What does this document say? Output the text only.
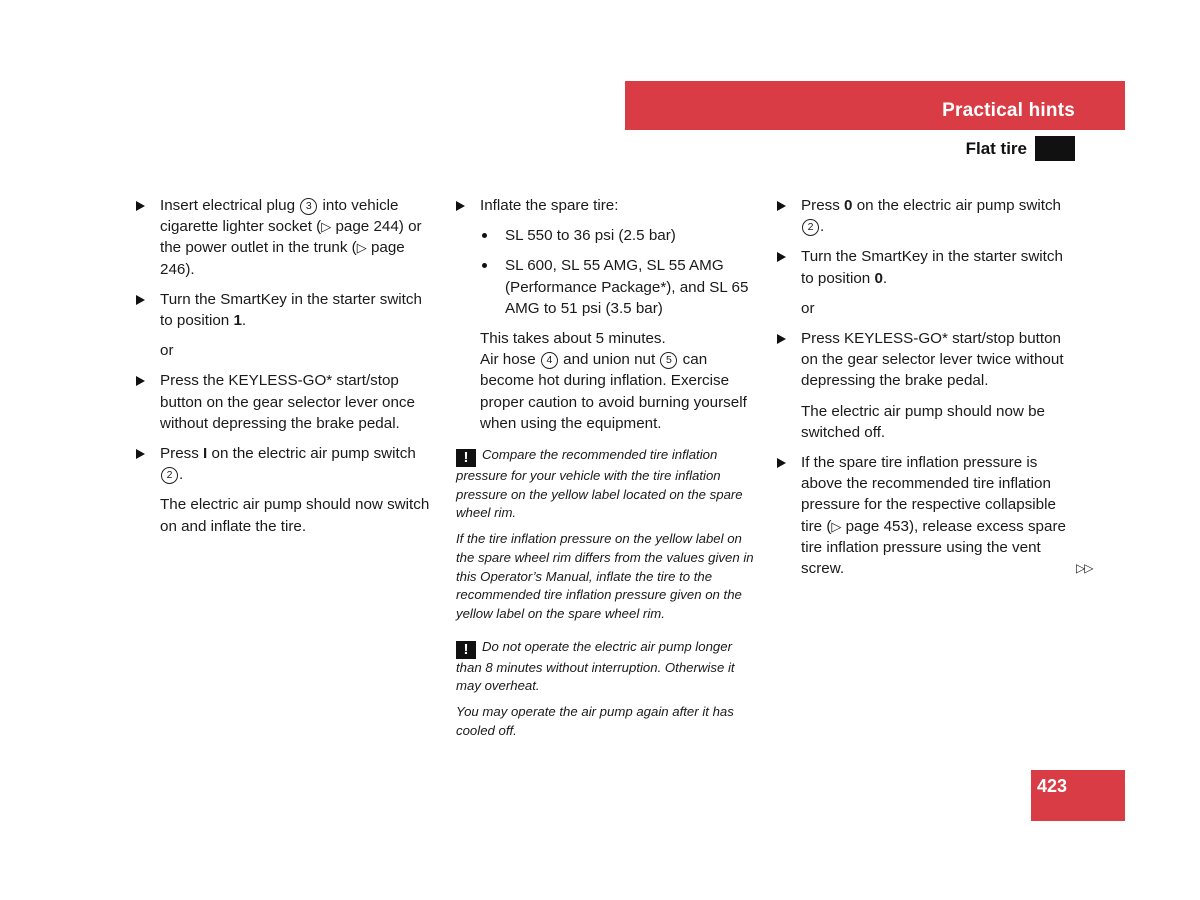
Practical hints
Flat tire
Insert electrical plug 3 into vehicle cigarette lighter socket (▷ page 244) or the power outlet in the trunk (▷ page 246).
Turn the SmartKey in the starter switch to position 1.
or
Press the KEYLESS-GO* start/stop button on the gear selector lever once without depressing the brake pedal.
Press I on the electric air pump switch 2 .
The electric air pump should now switch on and inflate the tire.
Inflate the spare tire:
SL 550 to 36 psi (2.5 bar)
SL 600, SL 55 AMG, SL 55 AMG (Performance Package*), and SL 65 AMG to 51 psi (3.5 bar)
This takes about 5 minutes.
Air hose 4 and union nut 5 can become hot during inflation. Exercise proper caution to avoid burning yourself when using the equipment.
! Compare the recommended tire inflation pressure for your vehicle with the tire inflation pressure on the yellow label located on the spare wheel rim.
If the tire inflation pressure on the yellow label on the spare wheel rim differs from the values given in this Operator’s Manual, inflate the tire to the recommended tire inflation pressure given on the yellow label on the spare wheel rim.
! Do not operate the electric air pump longer than 8 minutes without interruption. Otherwise it may overheat.
You may operate the air pump again after it has cooled off.
Press 0 on the electric air pump switch 2 .
Turn the SmartKey in the starter switch to position 0.
or
Press KEYLESS-GO* start/stop button on the gear selector lever twice without depressing the brake pedal.
The electric air pump should now be switched off.
If the spare tire inflation pressure is above the recommended tire inflation pressure for the respective collapsible tire (▷ page 453), release excess spare tire inflation pressure using the vent screw.	▷▷
423
